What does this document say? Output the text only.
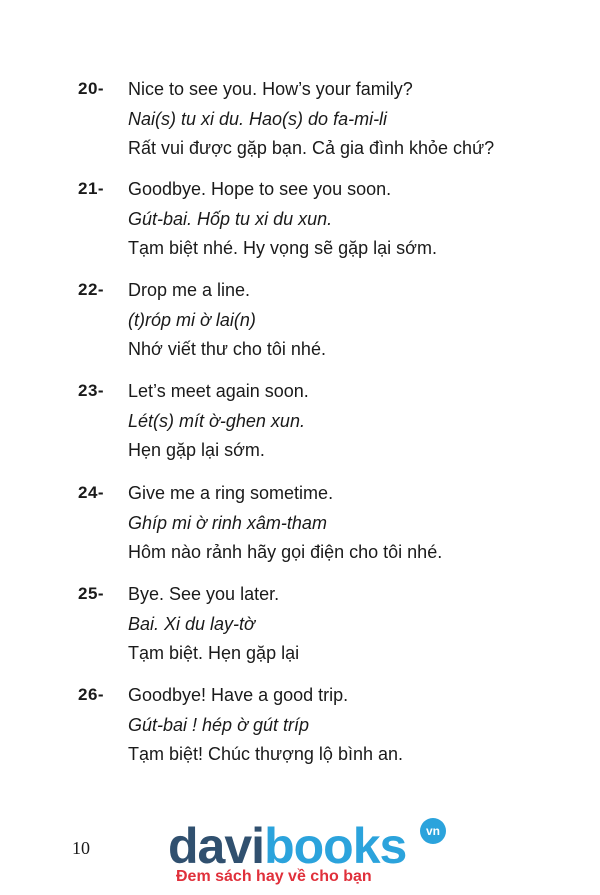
20- Nice to see you. How’s your family?
Nai(s) tu xi du. Hao(s) do fa-mi-li
Rất vui được gặp bạn. Cả gia đình khỏe chứ?
21- Goodbye. Hope to see you soon.
Gút-bai. Hốp tu xi du xun.
Tạm biệt nhé. Hy vọng sẽ gặp lại sớm.
22- Drop me a line.
(t)róp mi ờ lai(n)
Nhớ viết thư cho tôi nhé.
23- Let’s meet again soon.
Lét(s) mít ờ-ghen xun.
Hẹn gặp lại sớm.
24- Give me a ring sometime.
Ghíp mi ờ rinh xâm-tham
Hôm nào rảnh hãy gọi điện cho tôi nhé.
25- Bye. See you later.
Bai. Xi du lay-tờ
Tạm biệt. Hẹn gặp lại
26- Goodbye! Have a good trip.
Gút-bai ! hép ờ gút tríp
Tạm biệt! Chúc thượng lộ bình an.
10 davibooks	vn
Đem sách hay về cho bạn
